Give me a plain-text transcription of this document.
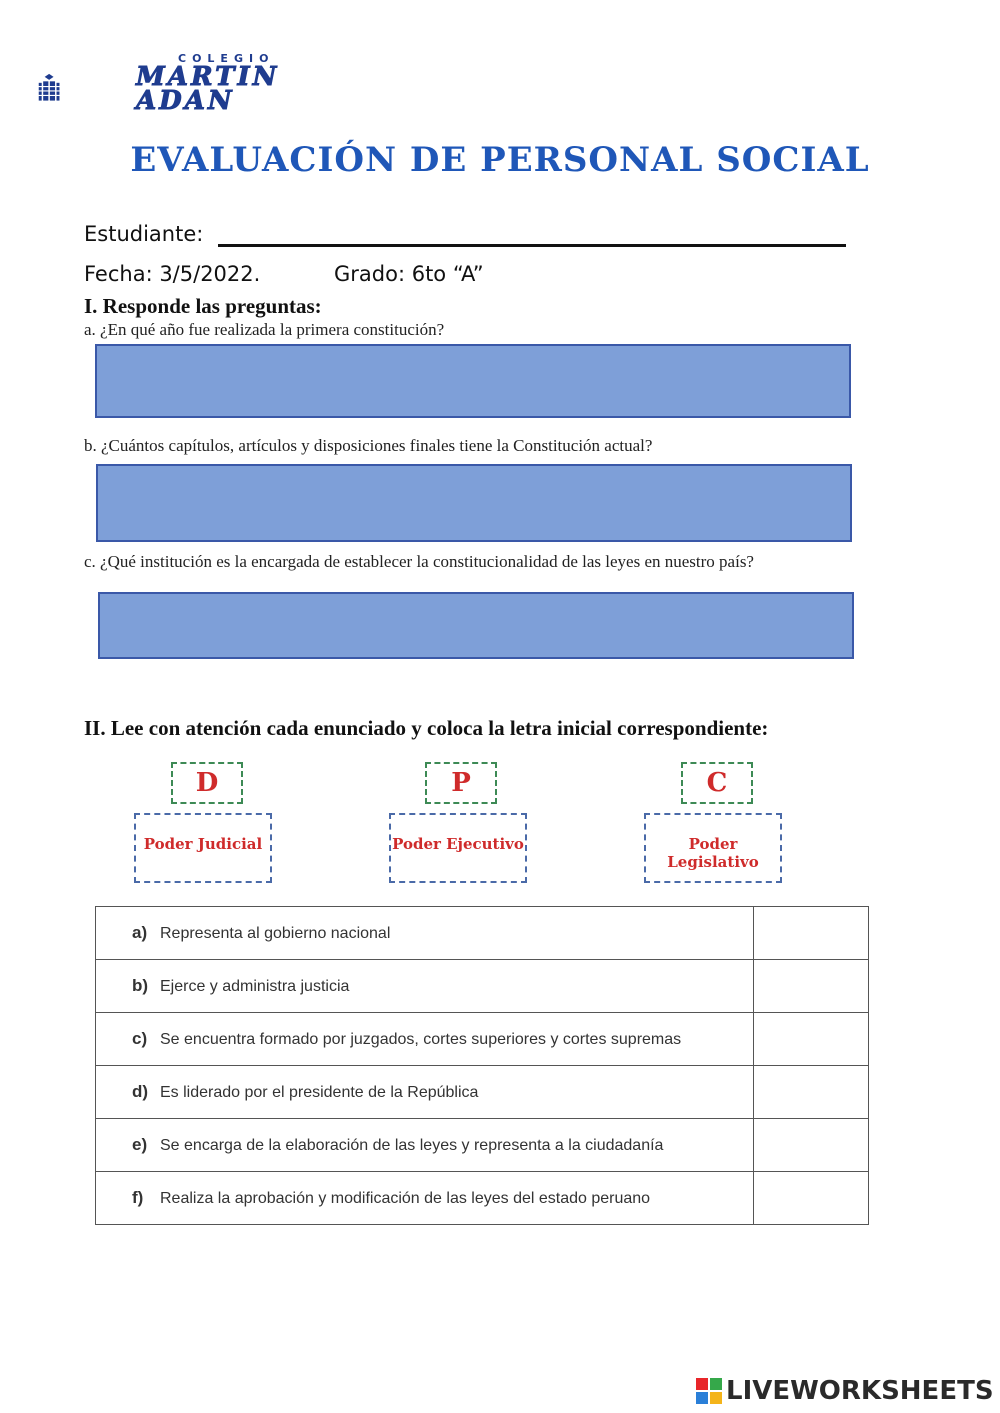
COLEGIO
MARTIN
ADAN
EVALUACIÓN DE PERSONAL SOCIAL
Estudiante:
Fecha: 3/5/2022.	Grado: 6to “A”
I. Responde las preguntas:
a. ¿En qué año fue realizada la primera constitución?
b. ¿Cuántos capítulos, artículos y disposiciones finales tiene la Constitución actual?
c. ¿Qué institución es la encargada de establecer la constitucionalidad de las leyes en nuestro país?
II. Lee con atención cada enunciado y coloca la letra inicial correspondiente:
D
Poder Judicial
P
Poder Ejecutivo
C
Poder Legislativo
a) Representa al gobierno nacional	
b) Ejerce y administra justicia	
c) Se encuentra formado por juzgados, cortes superiores y cortes supremas	
d) Es liderado por el presidente de la República	
e) Se encarga de la elaboración de las leyes y representa a la ciudadanía	
f) Realiza la aprobación y modificación de las leyes del estado peruano	
LIVEWORKSHEETS
